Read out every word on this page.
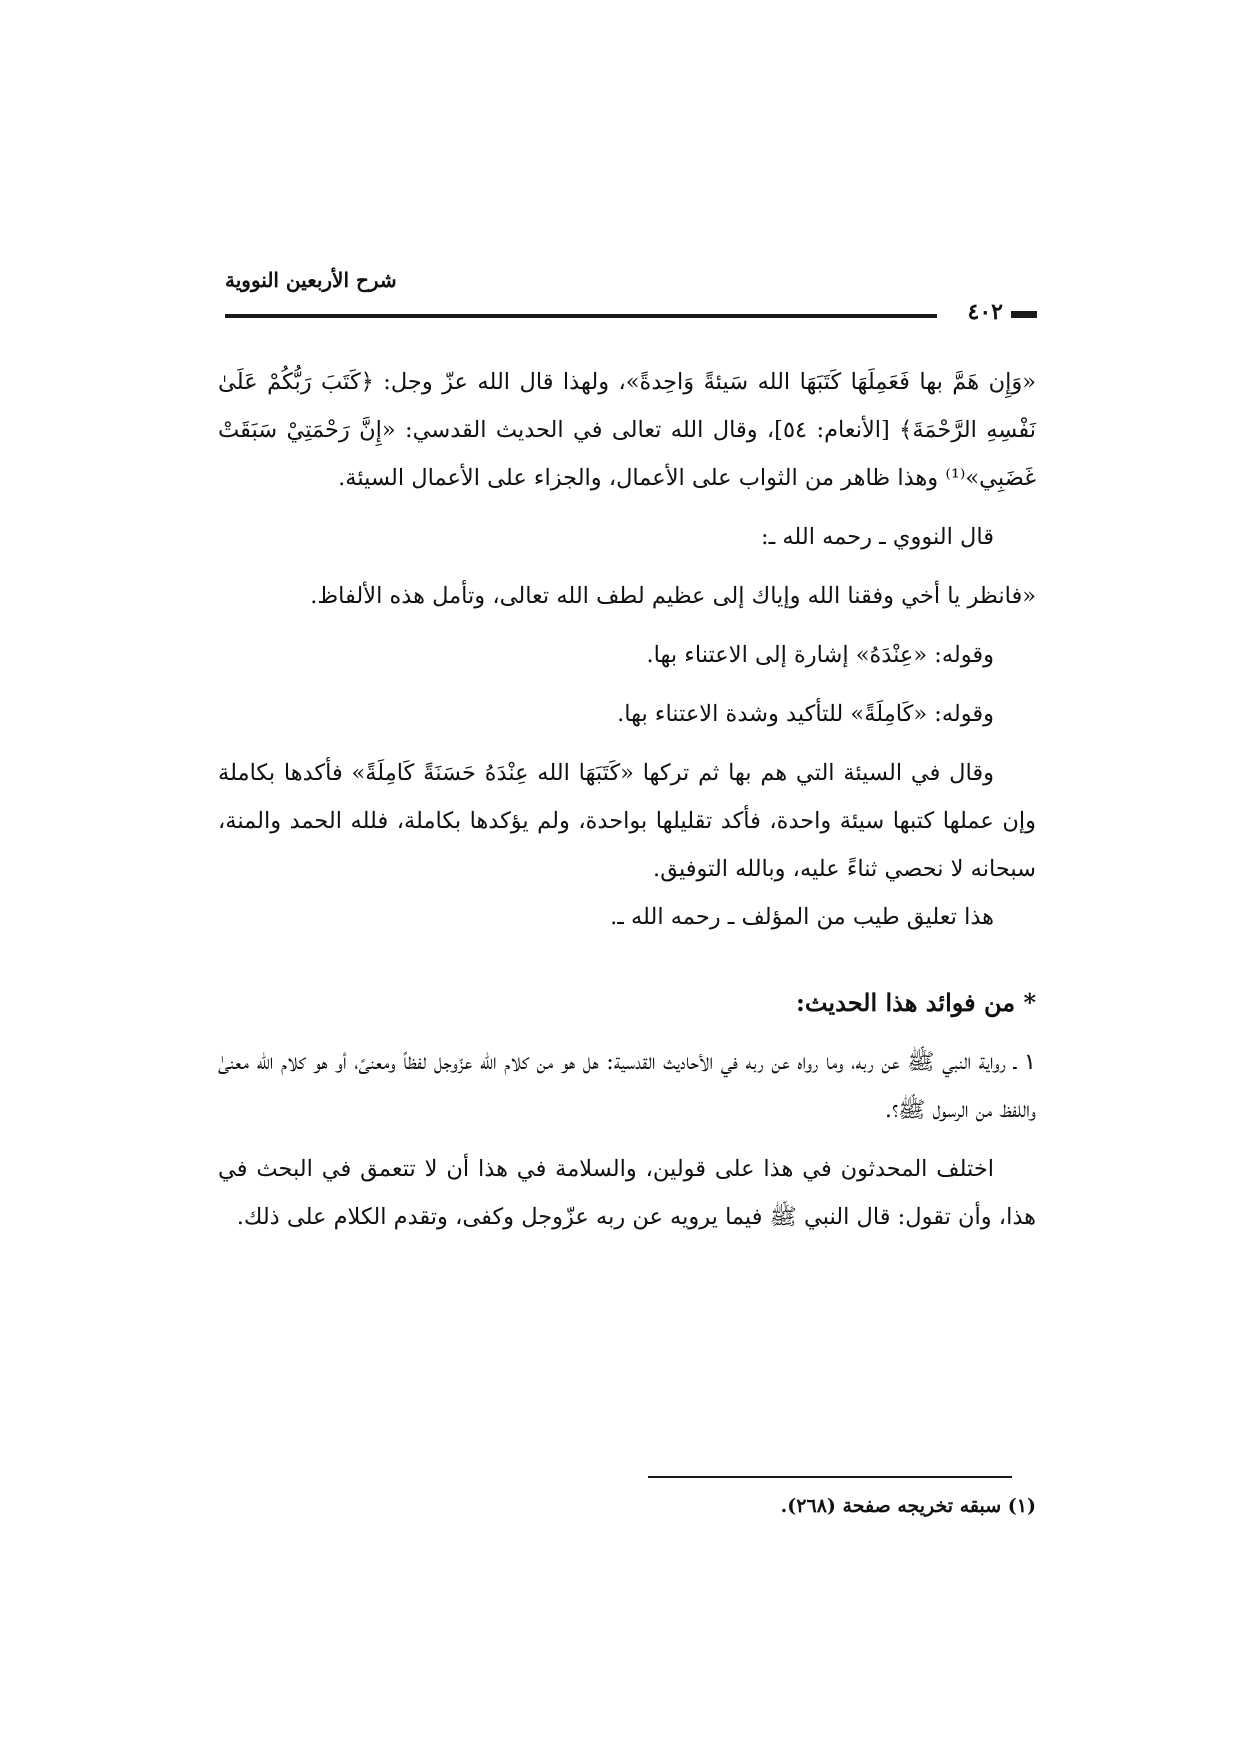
شرح الأربعين النووية
٤٠٢

«وَإِن هَمَّ بها فَعَمِلَهَا كَتَبَهَا الله سَيئةً وَاحِدةً»، ولهذا قال الله عزّ وجل: ﴿كَتَبَ رَبُّكُمْ عَلَىٰ نَفْسِهِ الرَّحْمَةَ﴾ [الأنعام: ٥٤]، وقال الله تعالى في الحديث القدسي: «إِنَّ رَحْمَتِيْ سَبَقَتْ غَضَبِي»⁽¹⁾ وهذا ظاهر من الثواب على الأعمال، والجزاء على الأعمال السيئة.

قال النووي ـ رحمه الله ـ:

«فانظر يا أخي وفقنا الله وإياك إلى عظيم لطف الله تعالى، وتأمل هذه الألفاظ.

وقوله: «عِنْدَهُ» إشارة إلى الاعتناء بها.

وقوله: «كَامِلَةً» للتأكيد وشدة الاعتناء بها.

وقال في السيئة التي هم بها ثم تركها «كَتَبَهَا الله عِنْدَهُ حَسَنَةً كَامِلَةً» فأكدها بكاملة وإن عملها كتبها سيئة واحدة، فأكد تقليلها بواحدة، ولم يؤكدها بكاملة، فلله الحمد والمنة، سبحانه لا نحصي ثناءً عليه، وبالله التوفيق.

هذا تعليق طيب من المؤلف ـ رحمه الله ـ.

* من فوائد هذا الحديث:

١ ـ رواية النبي ﷺ عن ربه، وما رواه عن ربه في الأحاديث القدسية: هل هو من كلام الله عزّوجل لفظاً ومعنىً، أو هو كلام الله معنىٰ واللفظ من الرسول ﷺ؟.

اختلف المحدثون في هذا على قولين، والسلامة في هذا أن لا تتعمق في البحث في هذا، وأن تقول: قال النبي ﷺ فيما يرويه عن ربه عزّوجل وكفى، وتقدم الكلام على ذلك.

(١) سبقه تخريجه صفحة (٢٦٨).
